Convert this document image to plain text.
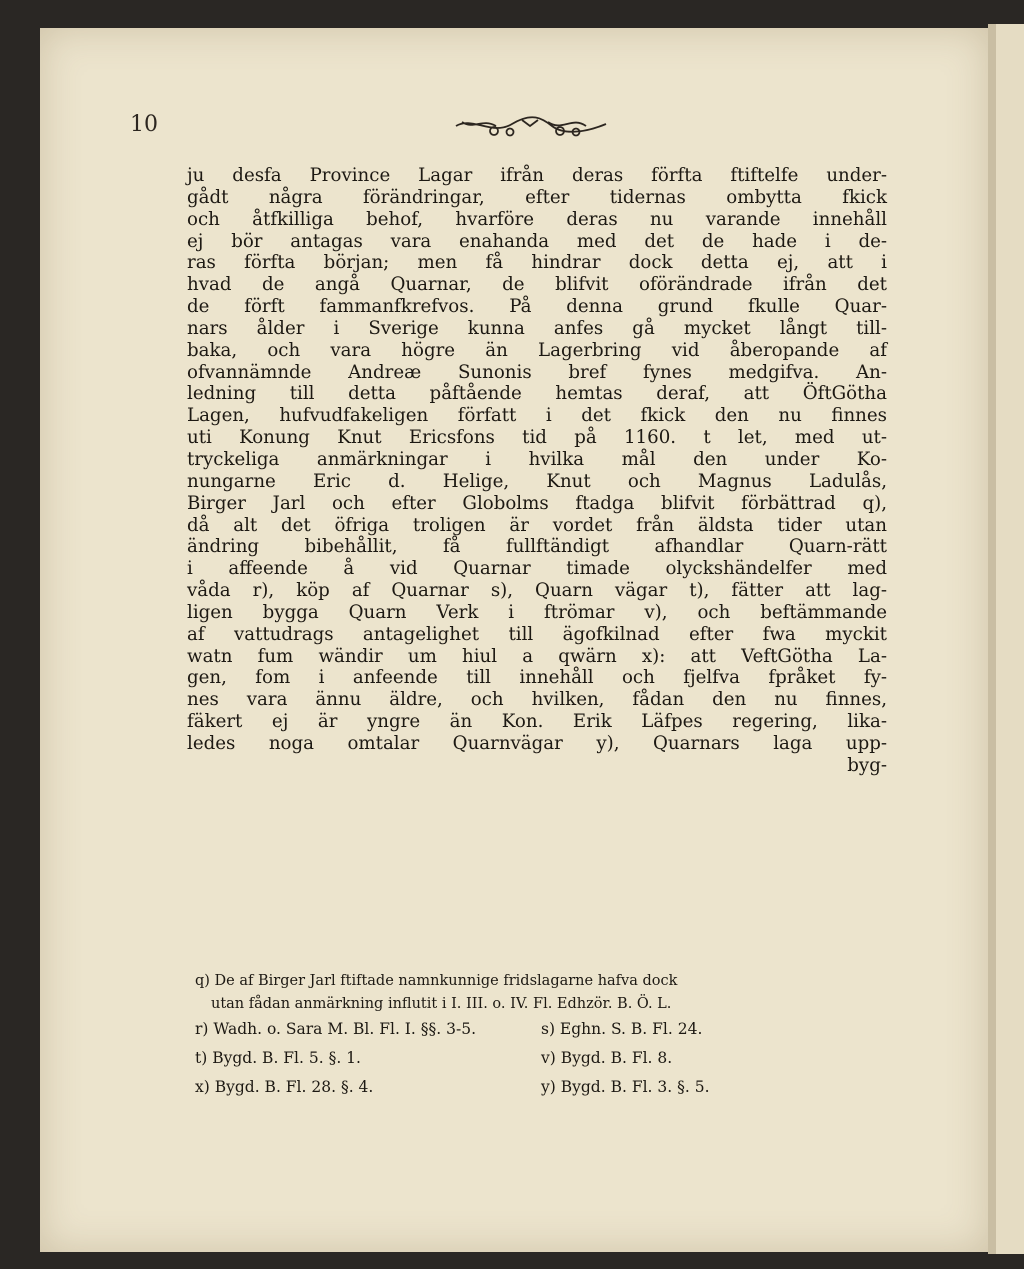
10
ju desfa Province Lagar ifrån deras förfta ftiftelfe under-
gådt några förändringar, efter tidernas ombytta fkick
och åtfkilliga behof, hvarföre deras nu varande innehåll
ej bör antagas vara enahanda med det de hade i de-
ras förfta början; men få hindrar dock detta ej, att i
hvad de angå Quarnar, de blifvit oförändrade ifrån det
de förft fammanfkrefvos. På denna grund fkulle Quar-
nars ålder i Sverige kunna anfes gå mycket långt till-
baka, och vara högre än Lagerbring vid åberopande af
ofvannämnde Andreæ Sunonis bref fynes medgifva. An-
ledning till detta påftående hemtas deraf, att ÖftGötha
Lagen, hufvudfakeligen författ i det fkick den nu finnes
uti Konung Knut Ericsfons tid på 1160. t let, med ut-
tryckeliga anmärkningar i hvilka mål den under Ko-
nungarne Eric d. Helige, Knut och Magnus Ladulås,
Birger Jarl och efter Globolms ftadga blifvit förbättrad q),
då alt det öfriga troligen är vordet från äldsta tider utan
ändring bibehållit, få fullftändigt afhandlar Quarn-rätt
i affeende å vid Quarnar timade olyckshändelfer med
våda r), köp af Quarnar s), Quarn vägar t), fätter att lag-
ligen bygga Quarn Verk i ftrömar v), och beftämmande
af vattudrags antagelighet till ägofkilnad efter fwa myckit
watn fum wändir um hiul a qwärn x): att VeftGötha La-
gen, fom i anfeende till innehåll och fjelfva fpråket fy-
nes vara ännu äldre, och hvilken, fådan den nu finnes,
fäkert ej är yngre än Kon. Erik Läfpes regering, lika-
ledes noga omtalar Quarnvägar y), Quarnars laga upp-
byg-
q) De af Birger Jarl ftiftade namnkunnige fridslagarne hafva dock
utan fådan anmärkning influtit i I. III. o. IV. Fl. Edhzör. B. Ö. L.
r) Wadh. o. Sara M. Bl. Fl. I. §§. 3-5.	s) Eghn. S. B. Fl. 24.
t) Bygd. B. Fl. 5. §. 1.	v) Bygd. B. Fl. 8.
x) Bygd. B. Fl. 28. §. 4.	y) Bygd. B. Fl. 3. §. 5.
